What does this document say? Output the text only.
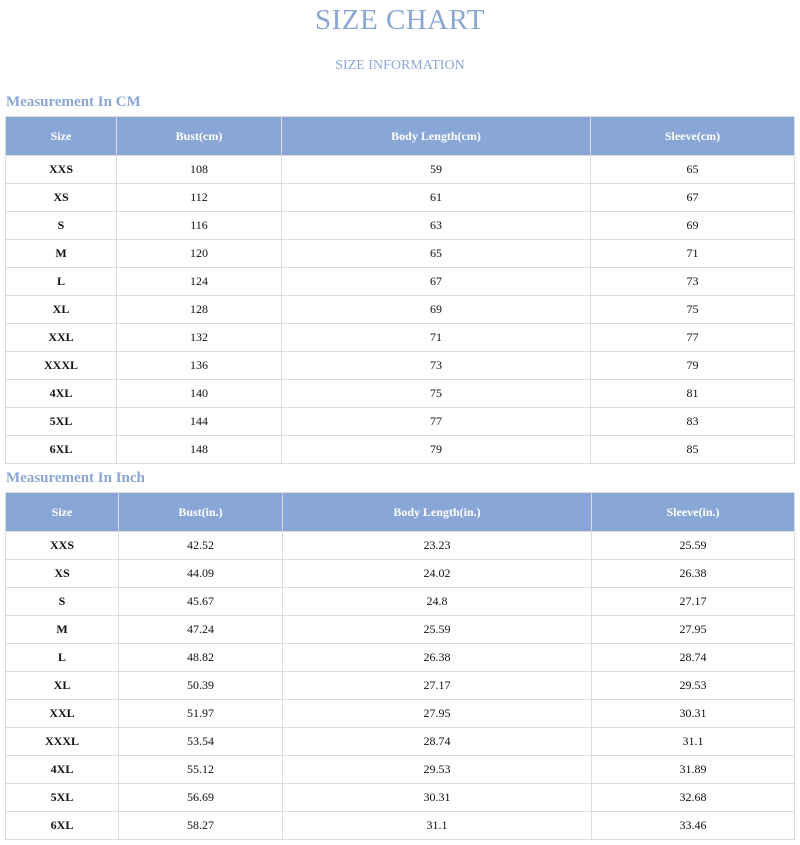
SIZE CHART
SIZE INFORMATION
Measurement In CM
Size	Bust(cm)	Body Length(cm)	Sleeve(cm)
XXS	108	59	65
XS	112	61	67
S	116	63	69
M	120	65	71
L	124	67	73
XL	128	69	75
XXL	132	71	77
XXXL	136	73	79
4XL	140	75	81
5XL	144	77	83
6XL	148	79	85
Measurement In Inch
Size	Bust(in.)	Body Length(in.)	Sleeve(in.)
XXS	42.52	23.23	25.59
XS	44.09	24.02	26.38
S	45.67	24.8	27.17
M	47.24	25.59	27.95
L	48.82	26.38	28.74
XL	50.39	27.17	29.53
XXL	51.97	27.95	30.31
XXXL	53.54	28.74	31.1
4XL	55.12	29.53	31.89
5XL	56.69	30.31	32.68
6XL	58.27	31.1	33.46
